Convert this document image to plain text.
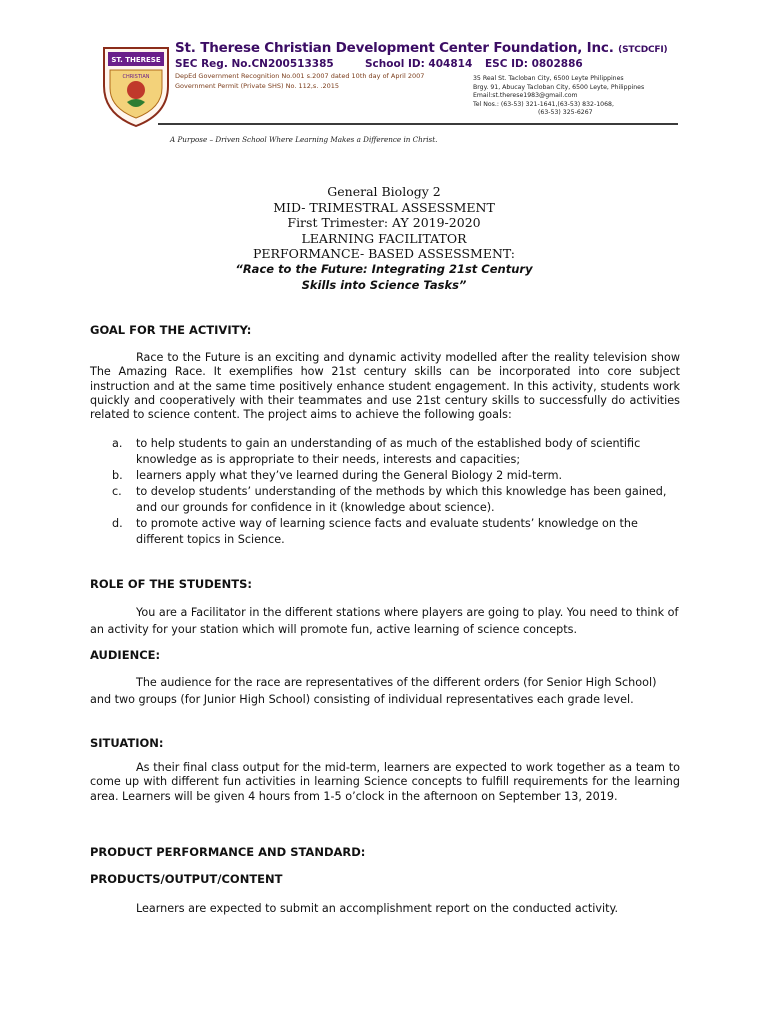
ST. THERESE
CHRISTIAN
St. Therese Christian Development Center Foundation, Inc. (STCDCFI)
SEC Reg. No.CN200513385	School ID: 404814 ESC ID: 0802886
DepEd Government Recognition No.001 s.2007 dated 10th day of April 2007
Government Permit (Private SHS) No. 112,s. .2015
35 Real St. Tacloban City, 6500 Leyte Philippines
Brgy. 91, Abucay Tacloban City, 6500 Leyte, Philippines
Email:st.therese1983@gmail.com
Tel Nos.: (63-53) 321-1641,(63-53) 832-1068,
(63-53) 325-6267
A Purpose – Driven School Where Learning Makes a Difference in Christ.
General Biology 2
MID- TRIMESTRAL ASSESSMENT
First Trimester: AY 2019-2020
LEARNING FACILITATOR
PERFORMANCE- BASED ASSESSMENT:
“Race to the Future: Integrating 21st Century
Skills into Science Tasks”
GOAL FOR THE ACTIVITY:

Race to the Future is an exciting and dynamic activity modelled after the reality television show The Amazing Race. It exemplifies how 21st century skills can be incorporated into core subject instruction and at the same time positively enhance student engagement. In this activity, students work quickly and cooperatively with their teammates and use 21st century skills to successfully do activities related to science content. The project aims to achieve the following goals:

a. to help students to gain an understanding of as much of the established body of scientific knowledge as is appropriate to their needs, interests and capacities;
b. learners apply what they’ve learned during the General Biology 2 mid-term.
c. to develop students’ understanding of the methods by which this knowledge has been gained, and our grounds for confidence in it (knowledge about science).
d. to promote active way of learning science facts and evaluate students’ knowledge on the different topics in Science.
ROLE OF THE STUDENTS:

You are a Facilitator in the different stations where players are going to play. You need to think of an activity for your station which will promote fun, active learning of science concepts.

AUDIENCE:

The audience for the race are representatives of the different orders (for Senior High School) and two groups (for Junior High School) consisting of individual representatives each grade level.

SITUATION:

As their final class output for the mid-term, learners are expected to work together as a team to come up with different fun activities in learning Science concepts to fulfill requirements for the learning area. Learners will be given 4 hours from 1-5 o’clock in the afternoon on September 13, 2019.

PRODUCT PERFORMANCE AND STANDARD:
PRODUCTS/OUTPUT/CONTENT

Learners are expected to submit an accomplishment report on the conducted activity.
